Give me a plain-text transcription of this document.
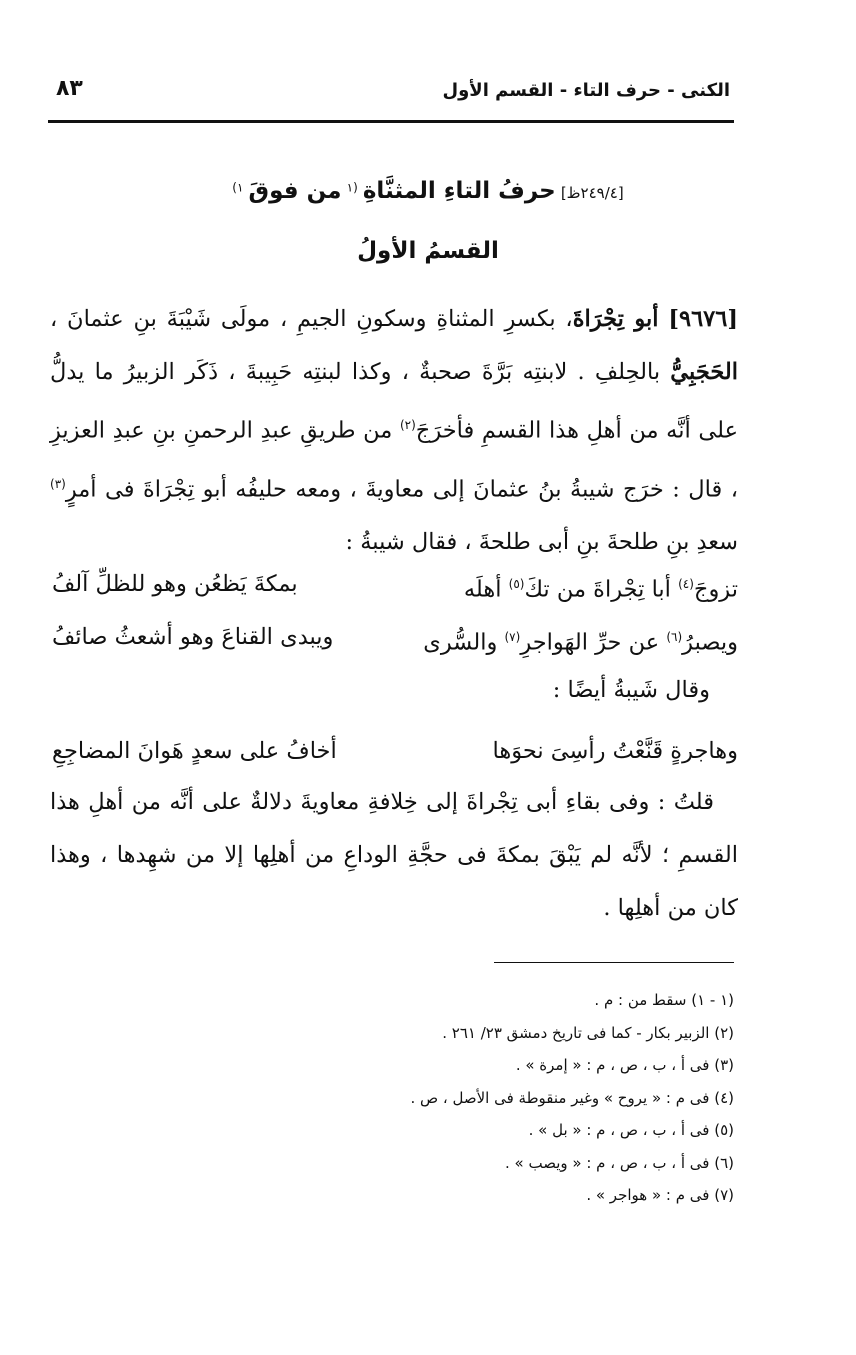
٨٣	الكنى - حرف التاء - القسم الأول
[٢٤٩/٤ظ] حرفُ التاءِ المثنَّاةِ $^{(١}$ من فوقَ $^{١)}$
القسمُ الأولُ

[٩٦٧٦] أبو تِجْرَاةَ، بكسرِ المثناةِ وسكونِ الجيمِ ، مولَى شَيْبَةَ بنِ عثمانَ ، الحَجَبِيُّ بالحِلفِ . لابنتِه بَرَّةَ صحبةٌ ، وكذا لبنتِه حَبِيبةَ ، ذَكَر الزبيرُ ما يدلُّ على أنَّه من أهلِ هذا القسمِ فأخرَجَ$^{(٢)}$ من طريقِ عبدِ الرحمنِ بنِ عبدِ العزيزِ ، قال : خرَج شيبةُ بنُ عثمانَ إلى معاويةَ ، ومعه حليفُه أبو تِجْرَاةَ فى أمرٍ$^{(٣)}$ سعدِ بنِ طلحةَ بنِ أبى طلحةَ ، فقال شيبةُ :

تزوجَ$^{(٤)}$ أبا تِجْراةَ من تكَ$^{(٥)}$ أهلَه
بمكةَ يَظعُن وهو للظلِّ آلفُ
ويصبرُ$^{(٦)}$ عن حرِّ الهَواجرِ$^{(٧)}$ والسُّرى
ويبدى القناعَ وهو أشعثُ صائفُ

وقال شَيبةُ أيضًا :

وهاجرةٍ قَنَّعْتُ رأسِىَ نحوَها
أخافُ على سعدٍ هَوانَ المضاجِعِ

قلتُ : وفى بقاءِ أبى تِجْراةَ إلى خِلافةِ معاويةَ دلالةٌ على أنَّه من أهلِ هذا القسمِ ؛ لأنَّه لم يَبْقَ بمكةَ فى حجَّةِ الوداعِ من أهلِها إلا من شهِدها ، وهذا كان من أهلِها .

(١ - ١) سقط من : م .
(٢) الزبير بكار - كما فى تاريخ دمشق ٢٣/ ٢٦١ .
(٣) فى أ ، ب ، ص ، م : « إمرة » .
(٤) فى م : « يروح » وغير منقوطة فى الأصل ، ص .
(٥) فى أ ، ب ، ص ، م : « بل » .
(٦) فى أ ، ب ، ص ، م : « ويصب » .
(٧) فى م : « هواجر » .
